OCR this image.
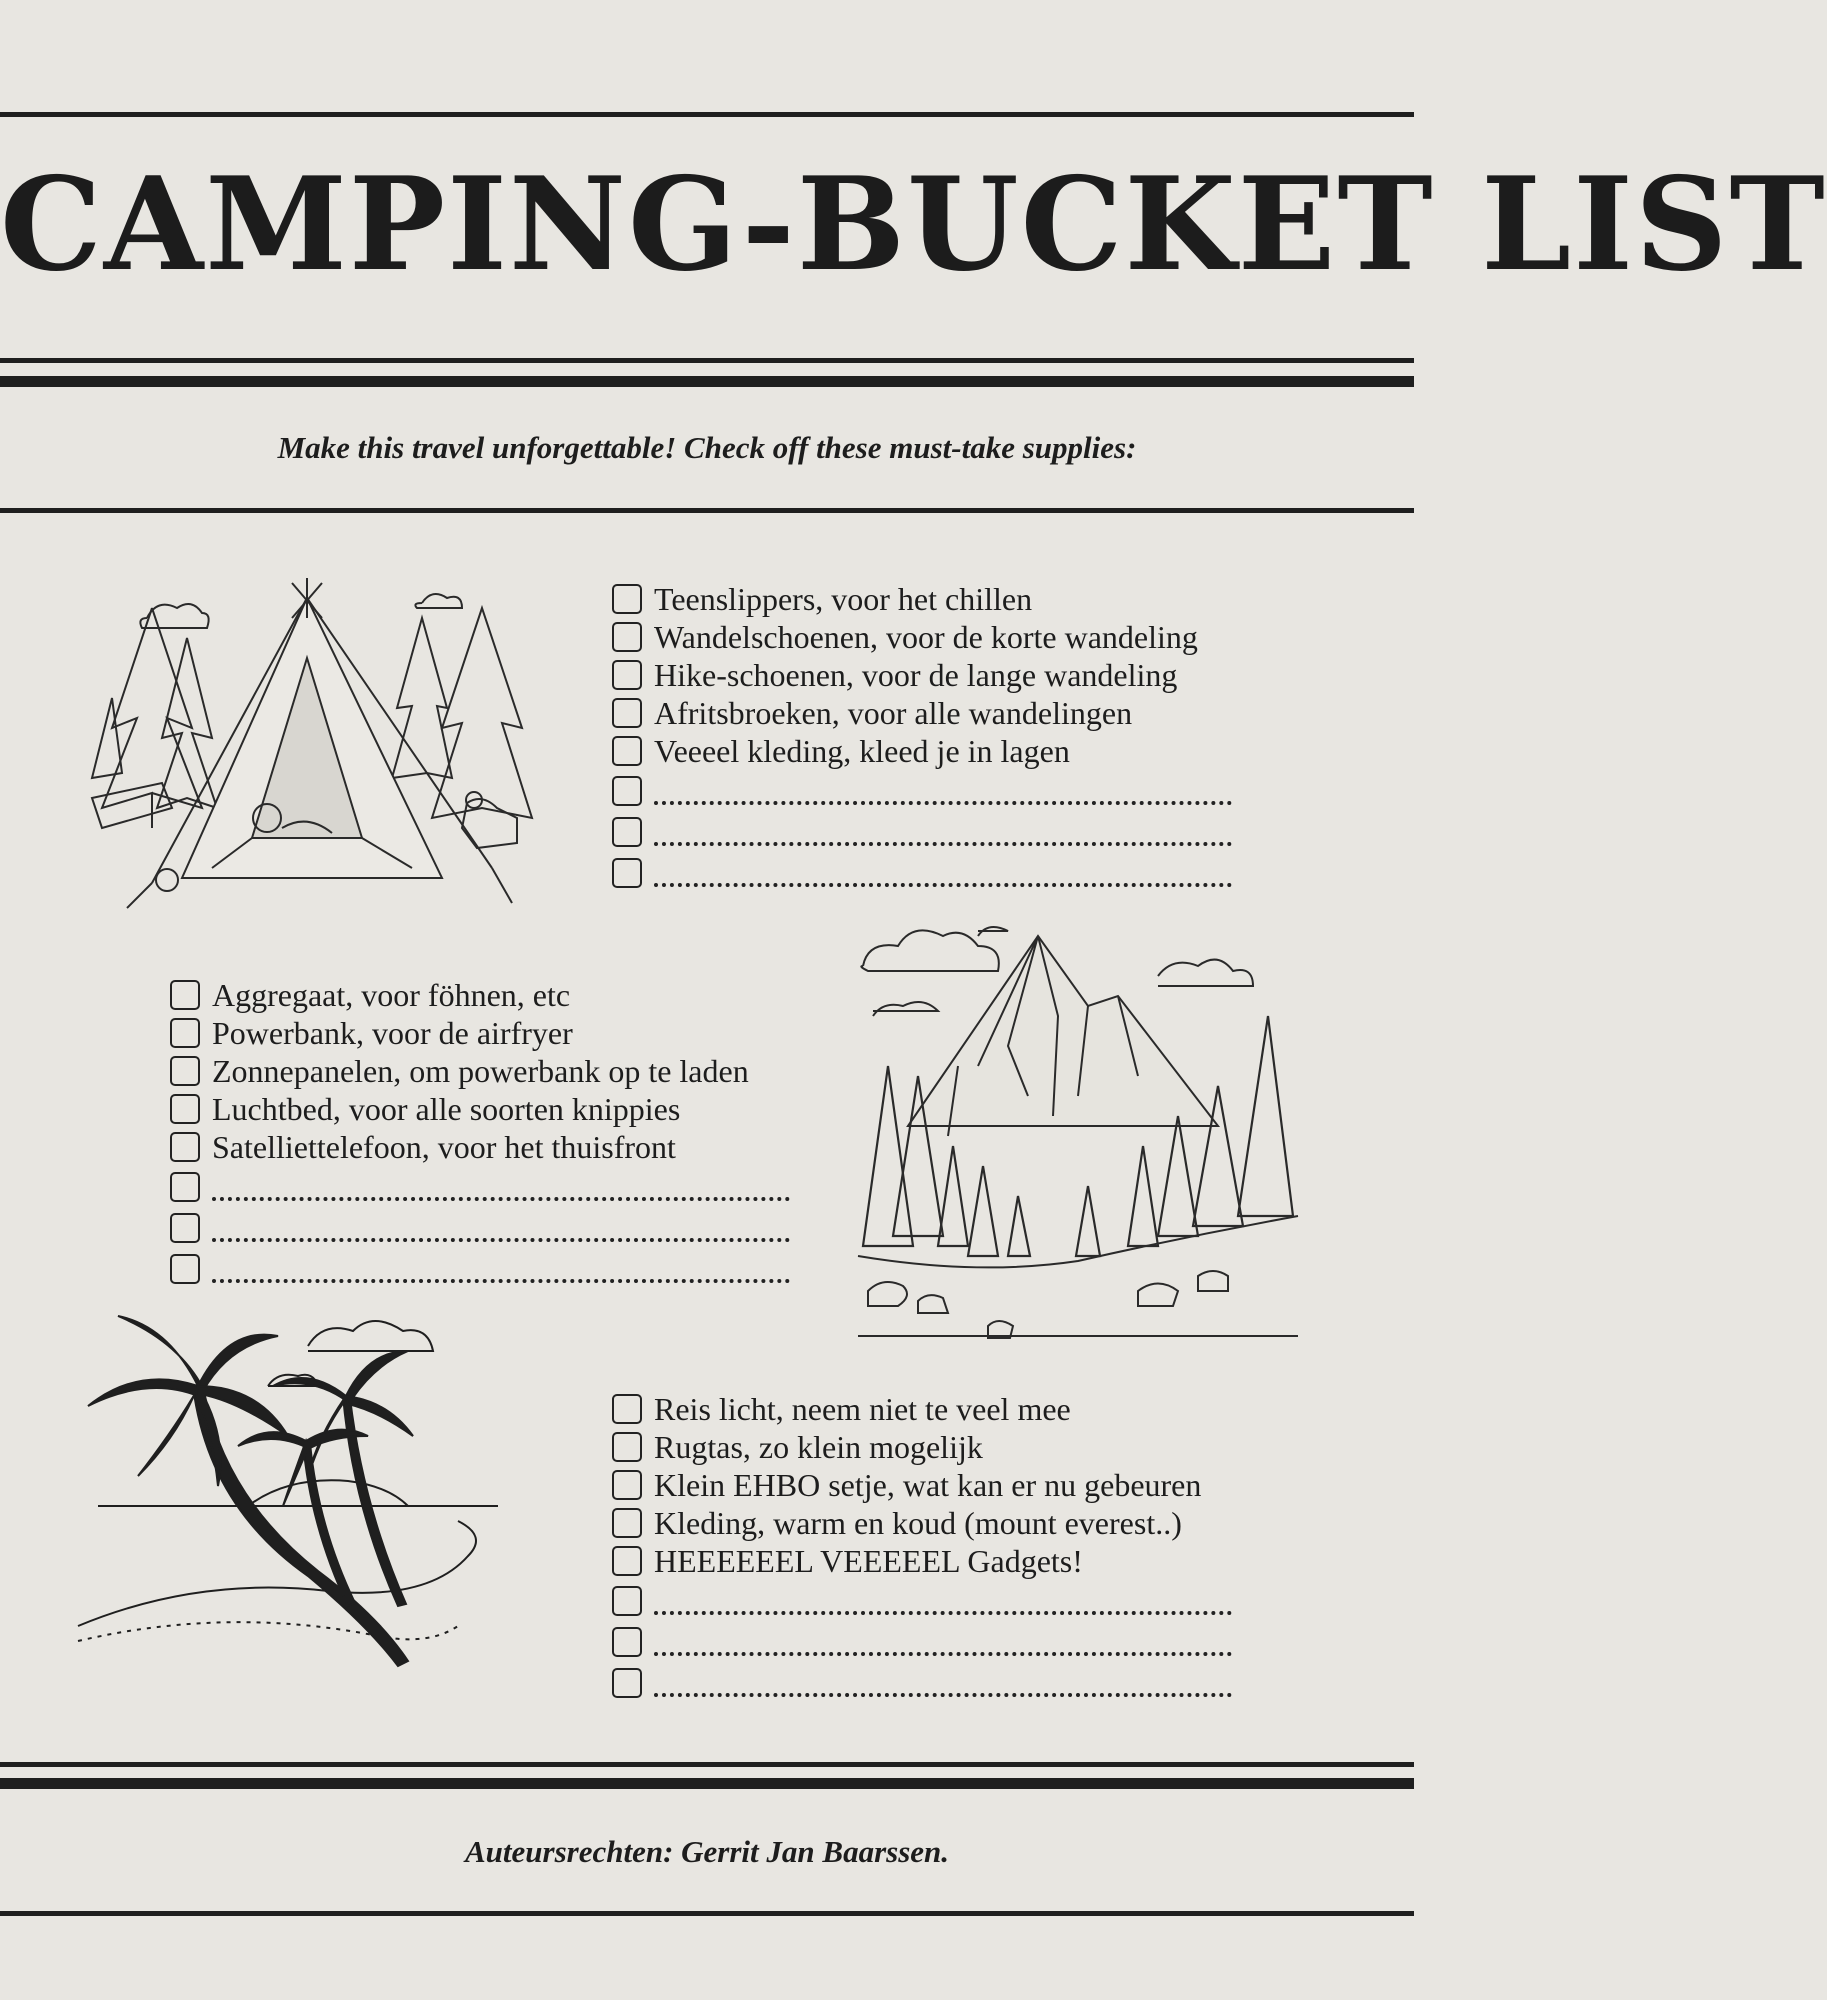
CAMPING-BUCKET LIST
Make this travel unforgettable! Check off these must-take supplies:
Auteursrechten: Gerrit Jan Baarssen.
Teenslippers, voor het chillen
Wandelschoenen, voor de korte wandeling
Hike-schoenen, voor de lange wandeling
Afritsbroeken, voor alle wandelingen
Veeeel kleding, kleed je in lagen
Aggregaat, voor föhnen, etc
Powerbank, voor de airfryer
Zonnepanelen, om powerbank op te laden
Luchtbed, voor alle soorten knippies
Satelliettelefoon, voor het thuisfront
Reis licht, neem niet te veel mee
Rugtas, zo klein mogelijk
Klein EHBO setje, wat kan er nu gebeuren
Kleding, warm en koud (mount everest..)
HEEEEEEL VEEEEEL Gadgets!
